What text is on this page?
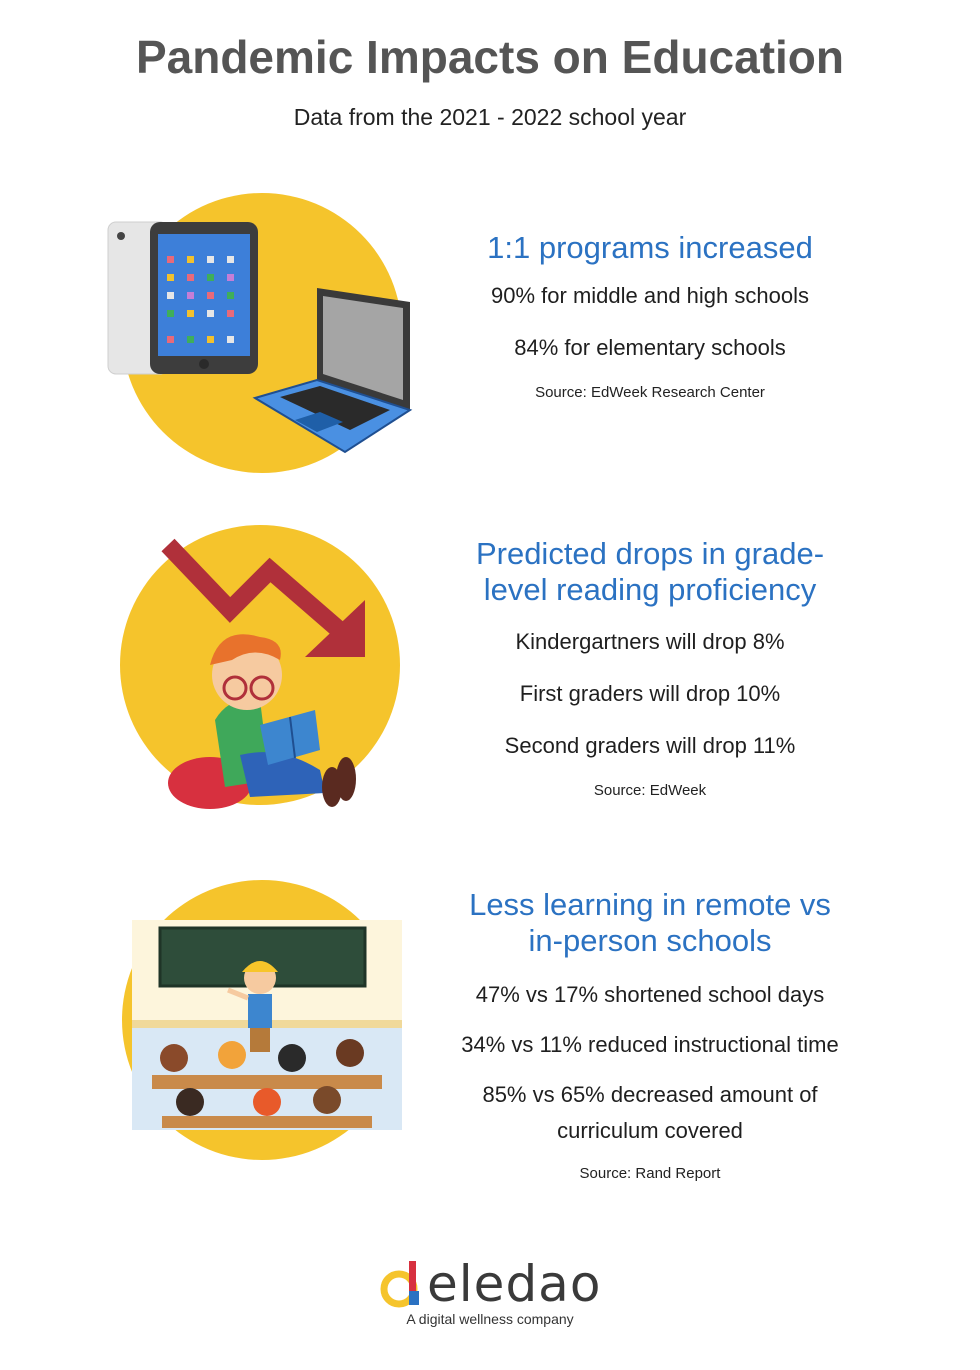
Pandemic Impacts on Education
Data from the 2021 - 2022 school year
1:1 programs increased
90% for middle and high schools
84% for elementary schools
Source: EdWeek Research Center
Predicted drops in grade-
level reading proficiency
Kindergartners will drop 8%
First graders will drop 10%
Second graders will drop 11%
Source: EdWeek
Less learning in remote vs
in-person schools
47% vs 17% shortened school days
34% vs 11% reduced instructional time
85% vs 65% decreased amount of
curriculum covered
Source: Rand Report
eledao
A digital wellness company
